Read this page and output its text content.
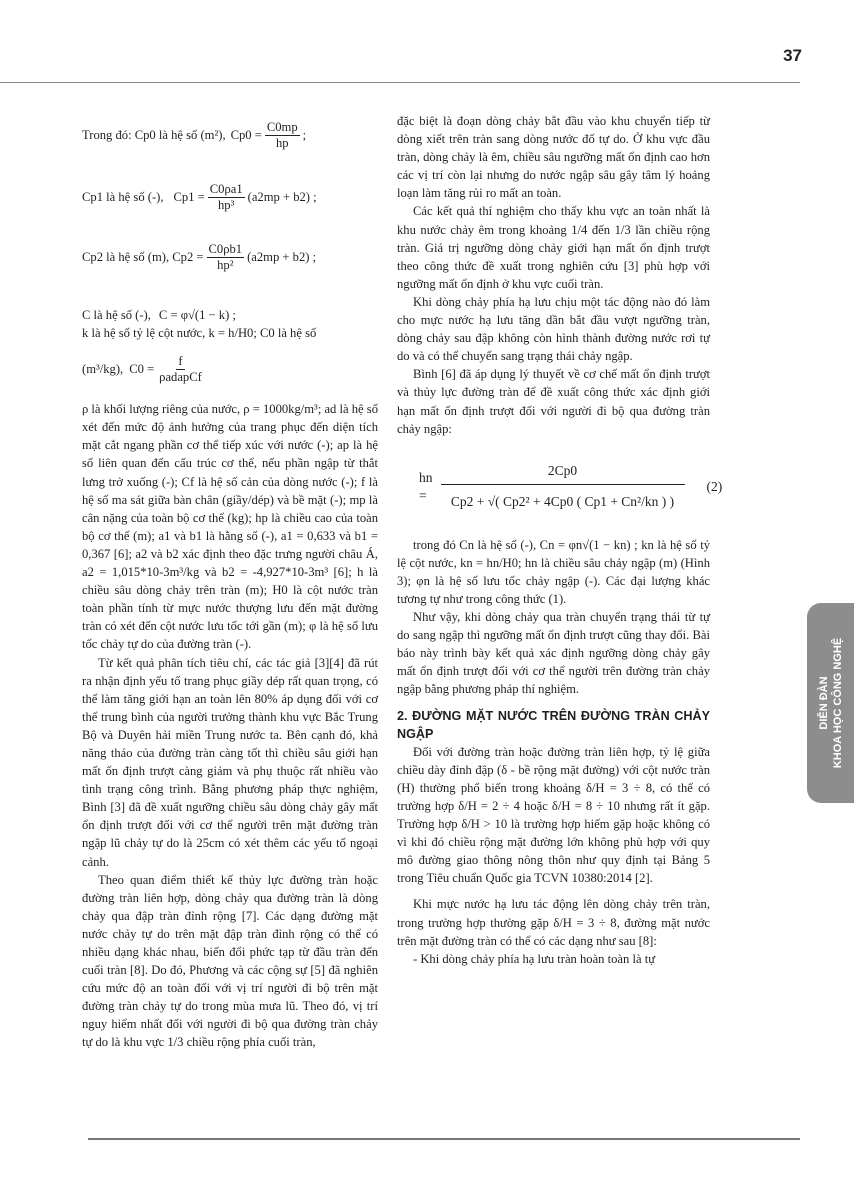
37
DIỄN ĐÀN KHOA HỌC CÔNG NGHỆ
Trong đó: Cp0 là hệ số (m²), $Cp0 = \frac{C0mp}{hp}$ ;
Cp1 là hệ số (-), $Cp1 = \frac{C0\rho a1}{\text{hp³}} (a2mp + b2)$ ;
Cp2 là hệ số (m), $Cp2 = \frac{C0\rho b1}{\text{hp²}} (a2mp + b2)$ ;
C là hệ số (-), C = φ√(1 − k) ;

k là hệ số tỷ lệ cột nước, k = h/H0; C0 là hệ số

(m³/kg), $C0 = \frac{f}{\text{ρadapCf}}$

ρ là khối lượng riêng của nước, ρ = 1000kg/m³; ad là hệ số xét đến mức độ ảnh hưởng của trang phục đến diện tích mặt cắt ngang phần cơ thể tiếp xúc với nước (-); ap là hệ số liên quan đến cấu trúc cơ thể, nếu phần ngập từ thắt lưng trở xuống (-); Cf là hệ số cản của dòng nước (-); f là hệ số ma sát giữa bàn chân (giầy/dép) và bề mặt (-); mp là cân nặng của toàn bộ cơ thể (kg); hp là chiều cao của toàn bộ cơ thể (m); a1 và b1 là hằng số (-), a1 = 0,633 và b1 = 0,367 [6]; a2 và b2 xác định theo đặc trưng người châu Á, a2 = 1,015*10-3m³/kg và b2 = -4,927*10-3m³ [6]; h là chiều sâu dòng chảy trên tràn (m); H0 là cột nước tràn toàn phần tính từ mực nước thượng lưu đến mặt đường tràn có xét đến cột nước lưu tốc tới gần (m); φ là hệ số lưu tốc chảy tự do của đường tràn (-).

Từ kết quả phân tích tiêu chí, các tác giả [3][4] đã rút ra nhận định yếu tố trang phục giầy dép rất quan trọng, có thể làm tăng giới hạn an toàn lên 80% áp dụng đối với cơ thể trung bình của người trưởng thành khu vực Bắc Trung Bộ và Duyên hải miền Trung nước ta. Bên cạnh đó, khả năng tháo của đường tràn càng tốt thì chiều sâu giới hạn mất ổn định trượt càng giảm và phụ thuộc rất nhiều vào tình trạng công trình. Bằng phương pháp thực nghiệm, Bình [3] đã đề xuất ngưỡng chiều sâu dòng chảy gây mất ổn định trượt đối với cơ thể người trên mặt đường tràn ngập lũ chảy tự do là 25cm có xét thêm các yếu tố ngoại cảnh.

Theo quan điểm thiết kế thủy lực đường tràn hoặc đường tràn liên hợp, dòng chảy qua đường tràn là dòng chảy qua đập tràn đỉnh rộng [7]. Các dạng đường mặt nước chảy tự do trên mặt đập tràn đỉnh rộng có thể có nhiều dạng khác nhau, biến đổi phức tạp từ đầu tràn đến cuối tràn [8]. Do đó, Phương và các cộng sự [5] đã nghiên cứu mức độ an toàn đối với vị trí người đi bộ trên mặt đường tràn chảy tự do trong mùa mưa lũ. Theo đó, vị trí nguy hiểm nhất đối với người đi bộ qua đường tràn chảy tự do là khu vực 1/3 chiều rộng phía cuối tràn,

đặc biệt là đoạn dòng chảy bắt đầu vào khu chuyển tiếp từ dòng xiết trên tràn sang dòng nước đổ tự do. Ở khu vực đầu tràn, dòng chảy là êm, chiều sâu ngưỡng mất ổn định cao hơn các vị trí còn lại nhưng do nước ngập sâu gây tâm lý hoảng loạn làm tăng rủi ro mất an toàn.

Các kết quả thí nghiệm cho thấy khu vực an toàn nhất là khu nước chảy êm trong khoảng 1/4 đến 1/3 lần chiều rộng tràn. Giá trị ngưỡng dòng chảy giới hạn mất ổn định trượt theo công thức đề xuất trong nghiên cứu [3] phù hợp với ngưỡng mất ổn định ở khu vực cuối tràn.

Khi dòng chảy phía hạ lưu chịu một tác động nào đó làm cho mực nước hạ lưu tăng dần bắt đầu vượt ngưỡng tràn, dòng chảy sau đập không còn hình thành đường nước rơi tự do và có thể chuyển sang trạng thái chảy ngập.

Bình [6] đã áp dụng lý thuyết về cơ chế mất ổn định trượt và thủy lực đường tràn để đề xuất công thức xác định giới hạn mất ổn định trượt đối với người đi bộ qua đường tràn chảy ngập:

hn =	$\frac{2Cp0}{\text{Cp2 + √( Cp2² + 4Cp0 ( Cp1 + Cn²/kn ) )}} (2)$

trong đó Cn là hệ số (-), Cn = φn√(1 − kn) ; kn là hệ số tỷ lệ cột nước, kn = hn/H0; hn là chiều sâu chảy ngập (m) (Hình 3); φn là hệ số lưu tốc chảy ngập (-). Các đại lượng khác tương tự như trong công thức (1).

Như vậy, khi dòng chảy qua tràn chuyển trạng thái từ tự do sang ngập thì ngưỡng mất ổn định trượt cũng thay đổi. Bài báo này trình bày kết quả xác định ngưỡng dòng chảy gây mất ổn định trượt đối với cơ thể người trên đường tràn chảy ngập bằng phương pháp thí nghiệm.

2. ĐƯỜNG MẶT NƯỚC TRÊN ĐƯỜNG TRÀN CHẢY NGẬP

Đối với đường tràn hoặc đường tràn liên hợp, tỷ lệ giữa chiều dày đỉnh đập (δ - bề rộng mặt đường) với cột nước tràn (H) thường phổ biến trong khoảng δ/H = 3 ÷ 8, có thể có trường hợp δ/H = 2 ÷ 4 hoặc δ/H = 8 ÷ 10 nhưng rất ít gặp. Trường hợp δ/H > 10 là trường hợp hiếm gặp hoặc không có vì khi đó chiều rộng mặt đường lớn không phù hợp với quy mô đường giao thông nông thôn như quy định tại Bảng 5 trong Tiêu chuẩn Quốc gia TCVN 10380:2014 [2].

Khi mực nước hạ lưu tác động lên dòng chảy trên tràn, trong trường hợp thường gặp δ/H = 3 ÷ 8, đường mặt nước trên mặt đường tràn có thể có các dạng như sau [8]:

- Khi dòng chảy phía hạ lưu tràn hoàn toàn là tự
